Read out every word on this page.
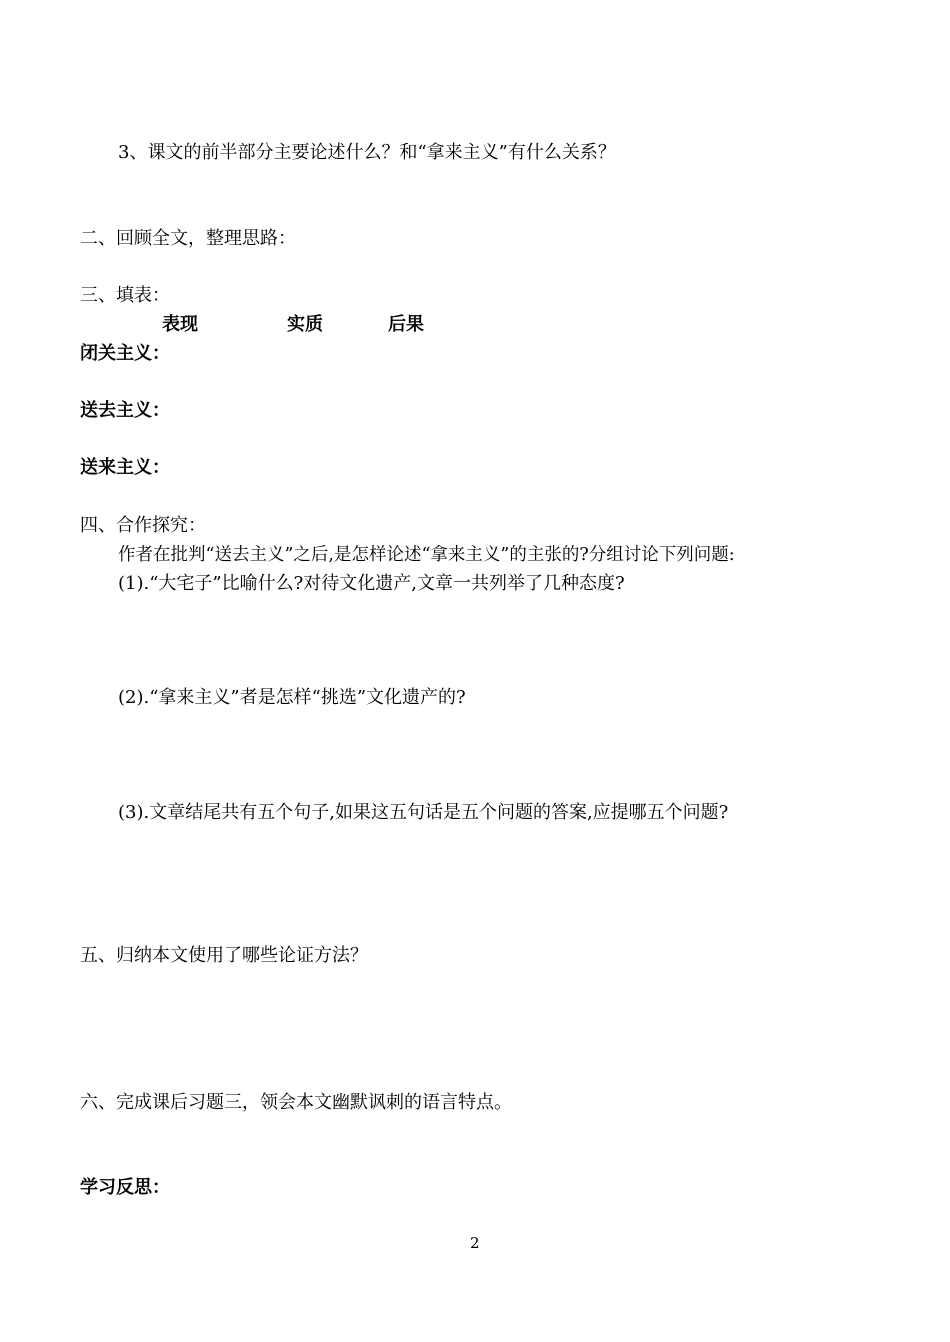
3、课文的前半部分主要论述什么？和“拿来主义”有什么关系？
二、回顾全文，整理思路：
三、填表：
表现	实质	后果
闭关主义：
送去主义：
送来主义：
四、合作探究：
作者在批判“送去主义”之后,是怎样论述“拿来主义”的主张的?分组讨论下列问题:
(1).“大宅子”比喻什么?对待文化遗产,文章一共列举了几种态度?
(2).“拿来主义”者是怎样“挑选”文化遗产的?
(3).文章结尾共有五个句子,如果这五句话是五个问题的答案,应提哪五个问题?
五、归纳本文使用了哪些论证方法？
六、完成课后习题三，领会本文幽默讽刺的语言特点。
学习反思：
2
